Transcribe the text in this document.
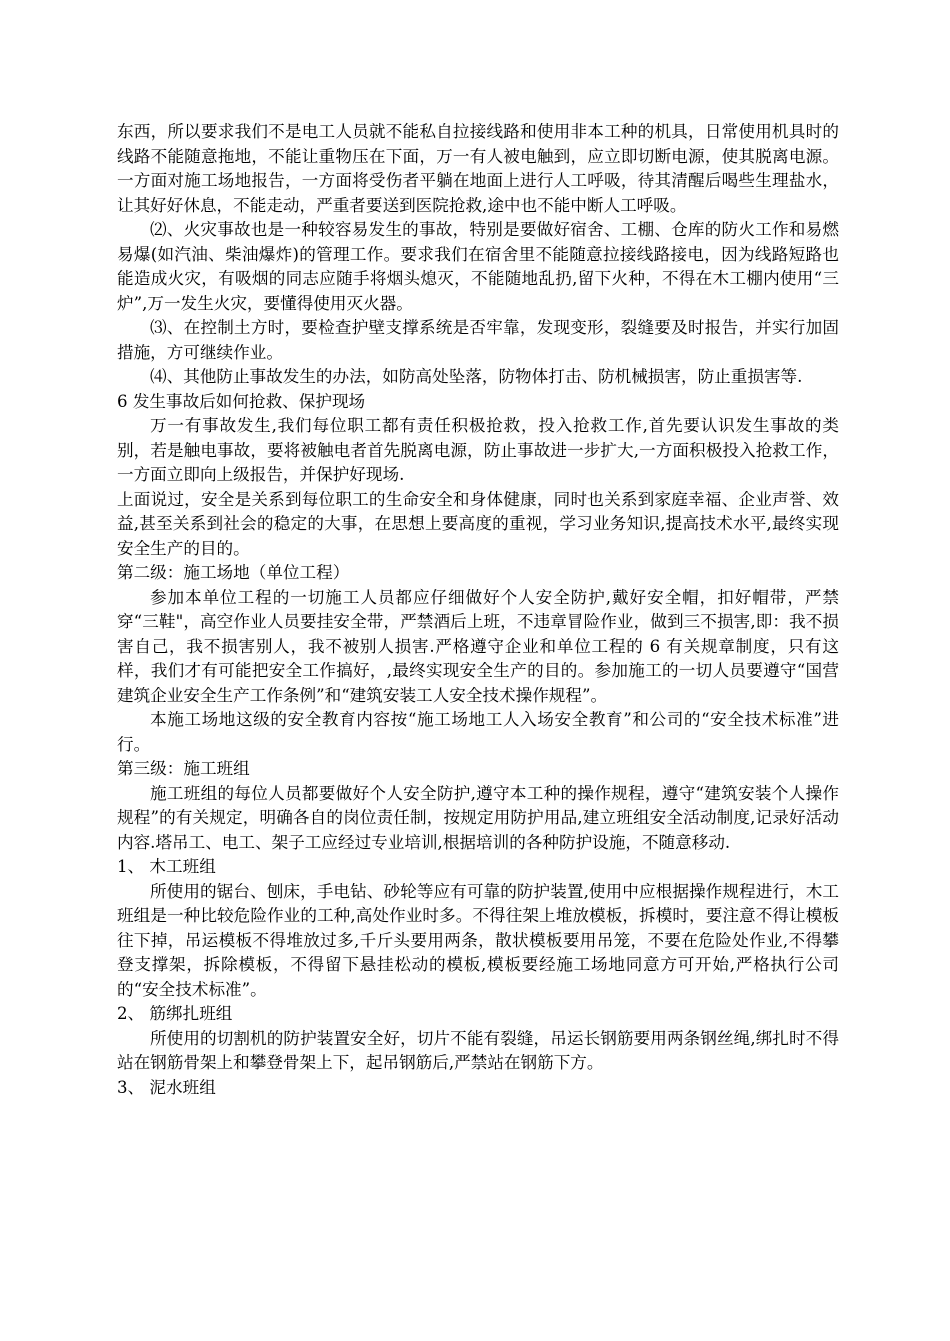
东西，所以要求我们不是电工人员就不能私自拉接线路和使用非本工种的机具，日常使用机具时的线路不能随意拖地，不能让重物压在下面，万一有人被电触到，应立即切断电源，使其脱离电源。一方面对施工场地报告，一方面将受伤者平躺在地面上进行人工呼吸，待其清醒后喝些生理盐水，让其好好休息，不能走动，严重者要送到医院抢救,途中也不能中断人工呼吸。

⑵、火灾事故也是一种较容易发生的事故，特别是要做好宿舍、工棚、仓库的防火工作和易燃易爆(如汽油、柴油爆炸)的管理工作。要求我们在宿舍里不能随意拉接线路接电，因为线路短路也能造成火灾，有吸烟的同志应随手将烟头熄灭，不能随地乱扔,留下火种，不得在木工棚内使用“三炉”,万一发生火灾，要懂得使用灭火器。

⑶、在控制土方时，要检查护壁支撑系统是否牢靠，发现变形，裂缝要及时报告，并实行加固措施，方可继续作业。

⑷、其他防止事故发生的办法，如防高处坠落，防物体打击、防机械损害，防止重损害等.

6 发生事故后如何抢救、保护现场

万一有事故发生,我们每位职工都有责任积极抢救，投入抢救工作,首先要认识发生事故的类别，若是触电事故，要将被触电者首先脱离电源，防止事故进一步扩大,一方面积极投入抢救工作，一方面立即向上级报告，并保护好现场.

上面说过，安全是关系到每位职工的生命安全和身体健康，同时也关系到家庭幸福、企业声誉、效益,甚至关系到社会的稳定的大事，在思想上要高度的重视，学习业务知识,提高技术水平,最终实现安全生产的目的。

第二级：施工场地（单位工程）

参加本单位工程的一切施工人员都应仔细做好个人安全防护,戴好安全帽，扣好帽带，严禁穿“三鞋"，高空作业人员要挂安全带，严禁酒后上班，不违章冒险作业，做到三不损害,即：我不损害自己，我不损害别人，我不被别人损害.严格遵守企业和单位工程的 6 有关规章制度，只有这样，我们才有可能把安全工作搞好，,最终实现安全生产的目的。参加施工的一切人员要遵守“国营建筑企业安全生产工作条例”和“建筑安装工人安全技术操作规程”。

本施工场地这级的安全教育内容按“施工场地工人入场安全教育”和公司的“安全技术标准”进行。

第三级：施工班组

施工班组的每位人员都要做好个人安全防护,遵守本工种的操作规程，遵守“建筑安装个人操作规程”的有关规定，明确各自的岗位责任制，按规定用防护用品,建立班组安全活动制度,记录好活动内容.塔吊工、电工、架子工应经过专业培训,根据培训的各种防护设施，不随意移动.

1、 木工班组

所使用的锯台、刨床，手电钻、砂轮等应有可靠的防护装置,使用中应根据操作规程进行，木工班组是一种比较危险作业的工种,高处作业时多。不得往架上堆放模板，拆模时，要注意不得让模板往下掉，吊运模板不得堆放过多,千斤头要用两条，散状模板要用吊笼，不要在危险处作业,不得攀登支撑架，拆除模板，不得留下悬挂松动的模板,模板要经施工场地同意方可开始,严格执行公司的“安全技术标准”。

2、 筋绑扎班组

所使用的切割机的防护装置安全好，切片不能有裂缝，吊运长钢筋要用两条钢丝绳,绑扎时不得站在钢筋骨架上和攀登骨架上下，起吊钢筋后,严禁站在钢筋下方。

3、 泥水班组
